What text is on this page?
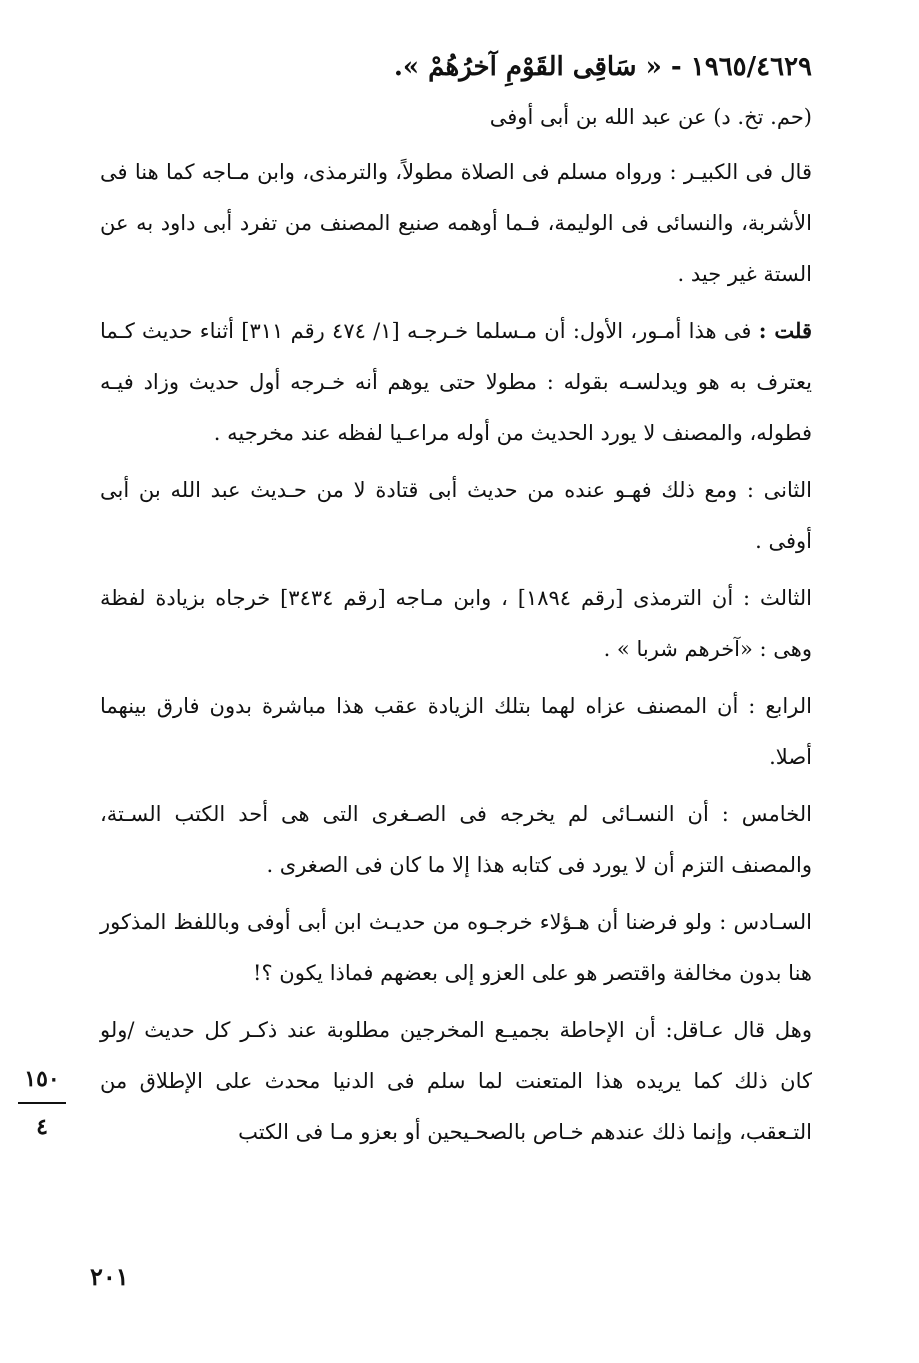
١٩٦٥/٤٦٢٩ - « سَاقِى القَوْمِ آخرُهُمْ ».
(حم. تخ. د) عن عبد الله بن أبى أوفى

قال فى الكبيـر : ورواه مسلم فى الصلاة مطولاً، والترمذى، وابن مـاجه كما هنا فى الأشربة، والنسائى فى الوليمة، فـما أوهمه صنيع المصنف من تفرد أبى داود به عن الستة غير جيد .

قلت : فى هذا أمـور، الأول: أن مـسلما خـرجـه [١/ ٤٧٤ رقم ٣١١] أثناء حديث كـما يعترف به هو ويدلسـه بقوله : مطولا حتى يوهم أنه خـرجه أول حديث وزاد فيـه فطوله، والمصنف لا يورد الحديث من أوله مراعـيا لفظه عند مخرجيه .

الثانى : ومع ذلك فهـو عنده من حديث أبى قتادة لا من حـديث عبد الله بن أبى أوفى .

الثالث : أن الترمذى [رقم ١٨٩٤] ، وابن مـاجه [رقم ٣٤٣٤] خرجاه بزيادة لفظة وهى : «آخرهم شربا » .

الرابع : أن المصنف عزاه لهما بتلك الزيادة عقب هذا مباشرة بدون فارق بينهما أصلا.

الخامس : أن النسـائى لم يخرجه فى الصـغرى التى هى أحد الكتب السـتة، والمصنف التزم أن لا يورد فى كتابه هذا إلا ما كان فى الصغرى .

السـادس : ولو فرضنا أن هـؤلاء خرجـوه من حديـث ابن أبى أوفى وباللفظ المذكور هنا بدون مخالفة واقتصر هو على العزو إلى بعضهم فماذا يكون ؟!

وهل قال عـاقل: أن الإحاطة بجميـع المخرجين مطلوبة عند ذكـر كل حديث /ولو كان ذلك كما يريده هذا المتعنت لما سلم فى الدنيا محدث على الإطلاق من التـعقب، وإنما ذلك عندهم خـاص بالصحـيحين أو بعزو مـا فى الكتب

١٥٠
٤
٢٠١
